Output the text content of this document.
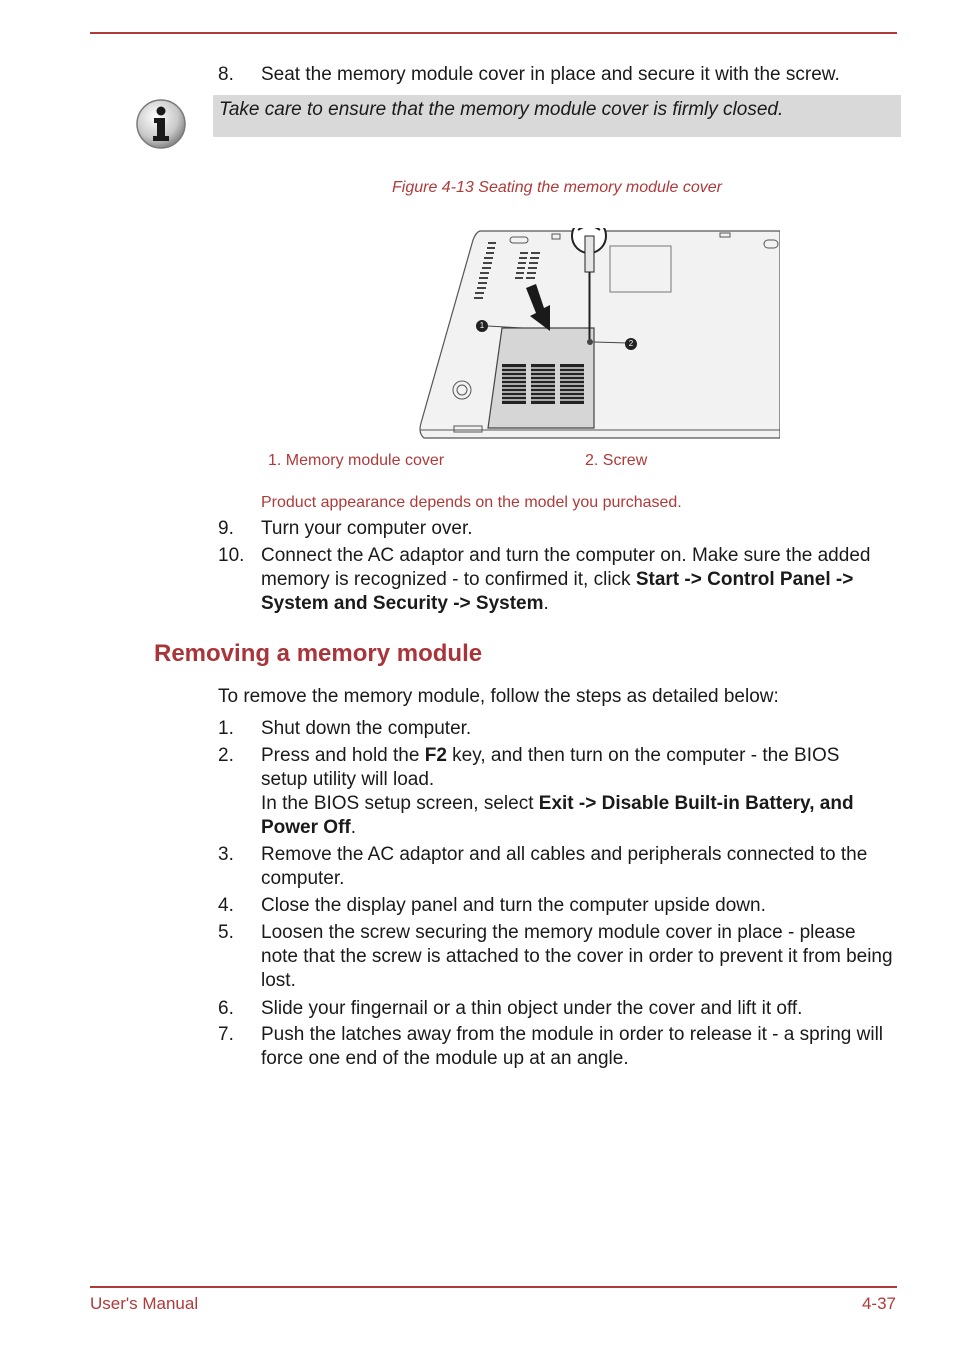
8. Seat the memory module cover in place and secure it with the screw.
Take care to ensure that the memory module cover is firmly closed.
Figure 4-13 Seating the memory module cover
1
2
1. Memory module cover	2. Screw
Product appearance depends on the model you purchased.
9. Turn your computer over.
10. Connect the AC adaptor and turn the computer on. Make sure the added memory is recognized - to confirmed it, click Start -> Control Panel -> System and Security -> System.
Removing a memory module
To remove the memory module, follow the steps as detailed below:
1. Shut down the computer.
2. Press and hold the F2 key, and then turn on the computer - the BIOS setup utility will load.
In the BIOS setup screen, select Exit -> Disable Built-in Battery, and Power Off.
3. Remove the AC adaptor and all cables and peripherals connected to the computer.
4. Close the display panel and turn the computer upside down.
5. Loosen the screw securing the memory module cover in place - please note that the screw is attached to the cover in order to prevent it from being lost.
6. Slide your fingernail or a thin object under the cover and lift it off.
7. Push the latches away from the module in order to release it - a spring will force one end of the module up at an angle.
User's Manual	4-37
